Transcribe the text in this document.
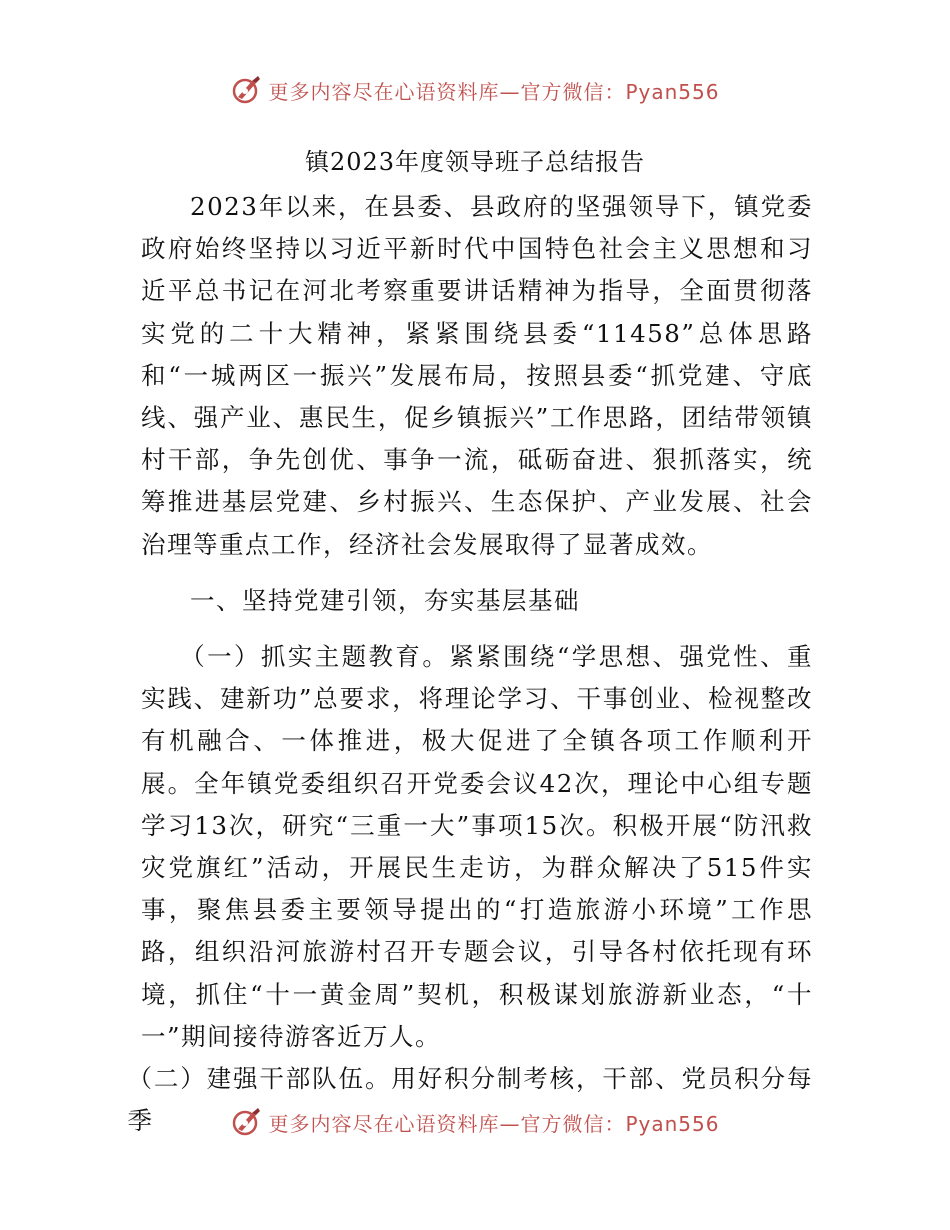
更多内容尽在心语资料库—官方微信：Pyan556
镇2023年度领导班子总结报告

2023年以来，在县委、县政府的坚强领导下，镇党委政府始终坚持以习近平新时代中国特色社会主义思想和习近平总书记在河北考察重要讲话精神为指导，全面贯彻落实党的二十大精神，紧紧围绕县委“11458”总体思路和“一城两区一振兴”发展布局，按照县委“抓党建、守底线、强产业、惠民生，促乡镇振兴”工作思路，团结带领镇村干部，争先创优、事争一流，砥砺奋进、狠抓落实，统筹推进基层党建、乡村振兴、生态保护、产业发展、社会治理等重点工作，经济社会发展取得了显著成效。

一、坚持党建引领，夯实基层基础

（一）抓实主题教育。紧紧围绕“学思想、强党性、重实践、建新功”总要求，将理论学习、干事创业、检视整改有机融合、一体推进，极大促进了全镇各项工作顺利开展。全年镇党委组织召开党委会议42次，理论中心组专题学习13次，研究“三重一大”事项15次。积极开展“防汛救灾党旗红”活动，开展民生走访，为群众解决了515件实事，聚焦县委主要领导提出的“打造旅游小环境”工作思路，组织沿河旅游村召开专题会议，引导各村依托现有环境，抓住“十一黄金周”契机，积极谋划旅游新业态，“十一”期间接待游客近万人。

（二）建强干部队伍。用好积分制考核，干部、党员积分每季	更多内容尽在心语资料库—官方微信：Pyan556
